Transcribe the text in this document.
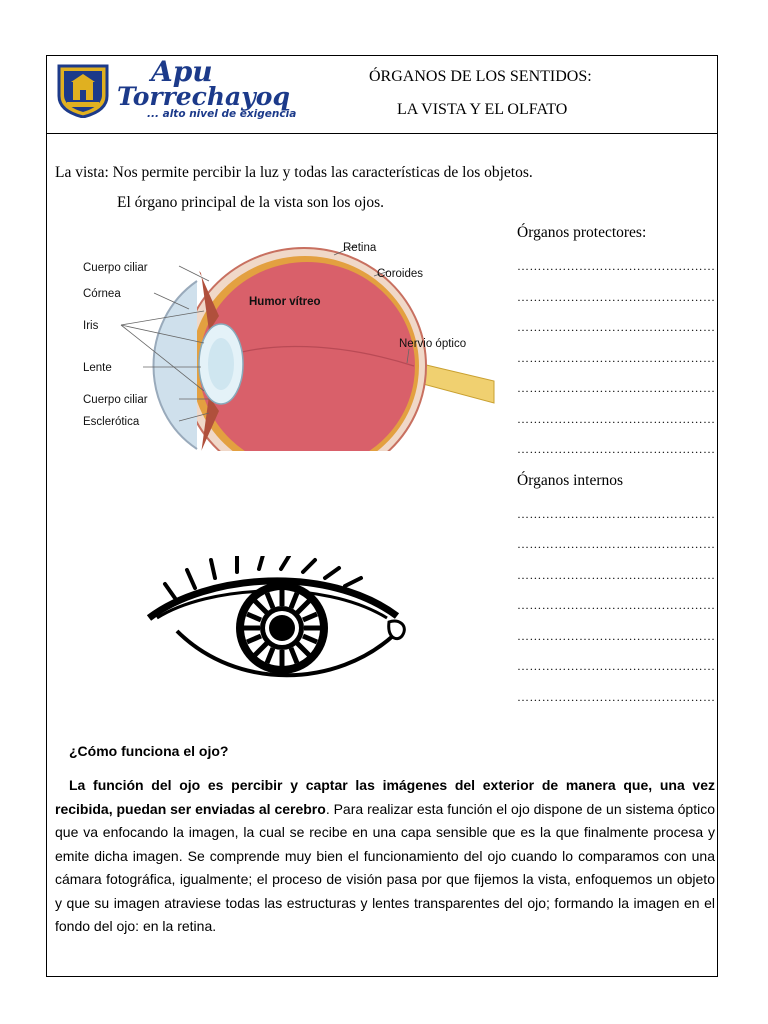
Apu
Torrechayoq
... alto nivel de exigencia
ÓRGANOS DE LOS SENTIDOS:
LA VISTA Y EL OLFATO
La vista: Nos permite percibir la luz y todas las características de los objetos.
El órgano principal de la vista son los ojos.
Cuerpo ciliar
Córnea
Iris
Lente
Cuerpo ciliar
Esclerótica
Retina
Coroides
Humor vítreo
Nervio óptico
Órganos protectores:
…………………………………………
…………………………………………
…………………………………………
…………………………………………
…………………………………………
…………………………………………
…………………………………………
Órganos internos
…………………………………………
…………………………………………
…………………………………………
…………………………………………
…………………………………………
…………………………………………
…………………………………………
¿Cómo funciona el ojo?
La función del ojo es percibir y captar las imágenes del exterior de manera que, una vez recibida, puedan ser enviadas al cerebro. Para realizar esta función el ojo dispone de un sistema óptico que va enfocando la imagen, la cual se recibe en una capa sensible que es la que finalmente procesa y emite dicha imagen. Se comprende muy bien el funcionamiento del ojo cuando lo comparamos con una cámara fotográfica, igualmente; el proceso de visión pasa por que fijemos la vista, enfoquemos un objeto y que su imagen atraviese todas las estructuras y lentes transparentes del ojo; formando la imagen en el fondo del ojo: en la retina.
